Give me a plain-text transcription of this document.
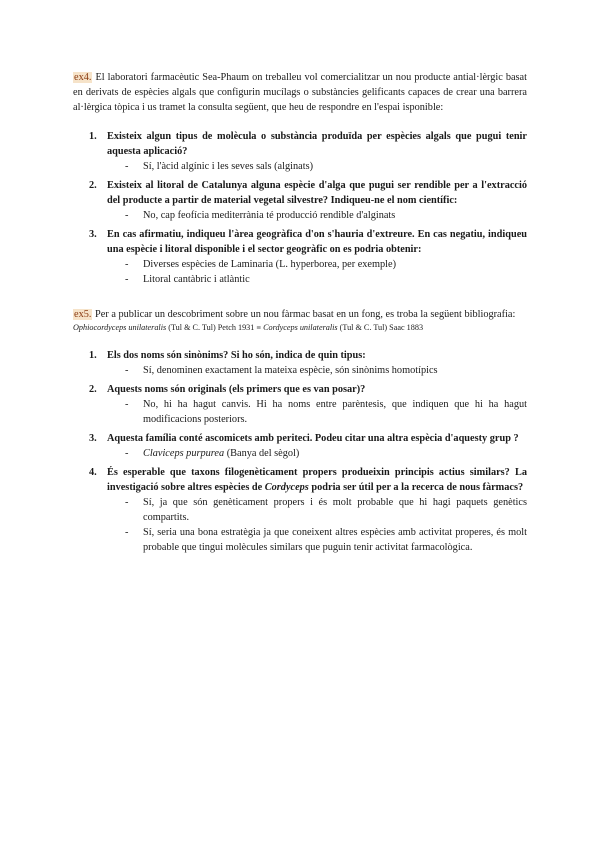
ex4. El laboratori farmacèutic Sea-Phaum on treballeu vol comercialitzar un nou producte antial·lèrgic basat en derivats de espècies algals que configurin mucílags o substàncies gelificants capaces de crear una barrera al·lèrgica tòpica i us tramet la consulta següent, que heu de respondre en l'espai isponible:

1. Existeix algun tipus de molècula o substància produïda per espècies algals que pugui tenir aquesta aplicació?
- Sí, l'àcid algínic i les seves sals (alginats)
2. Existeix al litoral de Catalunya alguna espècie d'alga que pugui ser rendible per a l'extracció del producte a partir de material vegetal silvestre? Indiqueu-ne el nom científic:
- No, cap feofícia mediterrània té producció rendible d'alginats
3. En cas afirmatiu, indiqueu l'àrea geogràfica d'on s'hauria d'extreure. En cas negatiu, indiqueu una espècie i litoral disponible i el sector geogràfic on es podria obtenir:
- Diverses espècies de Laminaria (L. hyperborea, per exemple)
- Litoral cantàbric i atlàntic

ex5. Per a publicar un descobriment sobre un nou fàrmac basat en un fong, es troba la següent bibliografia:

Ophiocordyceps unilateralis (Tul & C. Tul) Petch 1931 ≡ Cordyceps unilateralis (Tul & C. Tul) Saac 1883

1. Els dos noms són sinònims? Si ho són, indica de quin tipus:
- Sí, denominen exactament la mateixa espècie, són sinònims homotípics
2. Aquests noms són originals (els primers que es van posar)?
- No, hi ha hagut canvis. Hi ha noms entre parèntesis, que indiquen que hi ha hagut modificacions posteriors.
3. Aquesta família conté ascomicets amb periteci. Podeu citar una altra espècia d'aquesty grup ?
- Claviceps purpurea (Banya del sègol)
4. És esperable que taxons filogenèticament propers produeixin principis actius similars? La investigació sobre altres espècies de Cordyceps podria ser útil per a la recerca de nous fàrmacs?
- Sí, ja que són genèticament propers i és molt probable que hi hagi paquets genètics compartits.
- Sí, seria una bona estratègia ja que coneixent altres espècies amb activitat properes, és molt probable que tingui molècules similars que puguin tenir activitat farmacològica.
